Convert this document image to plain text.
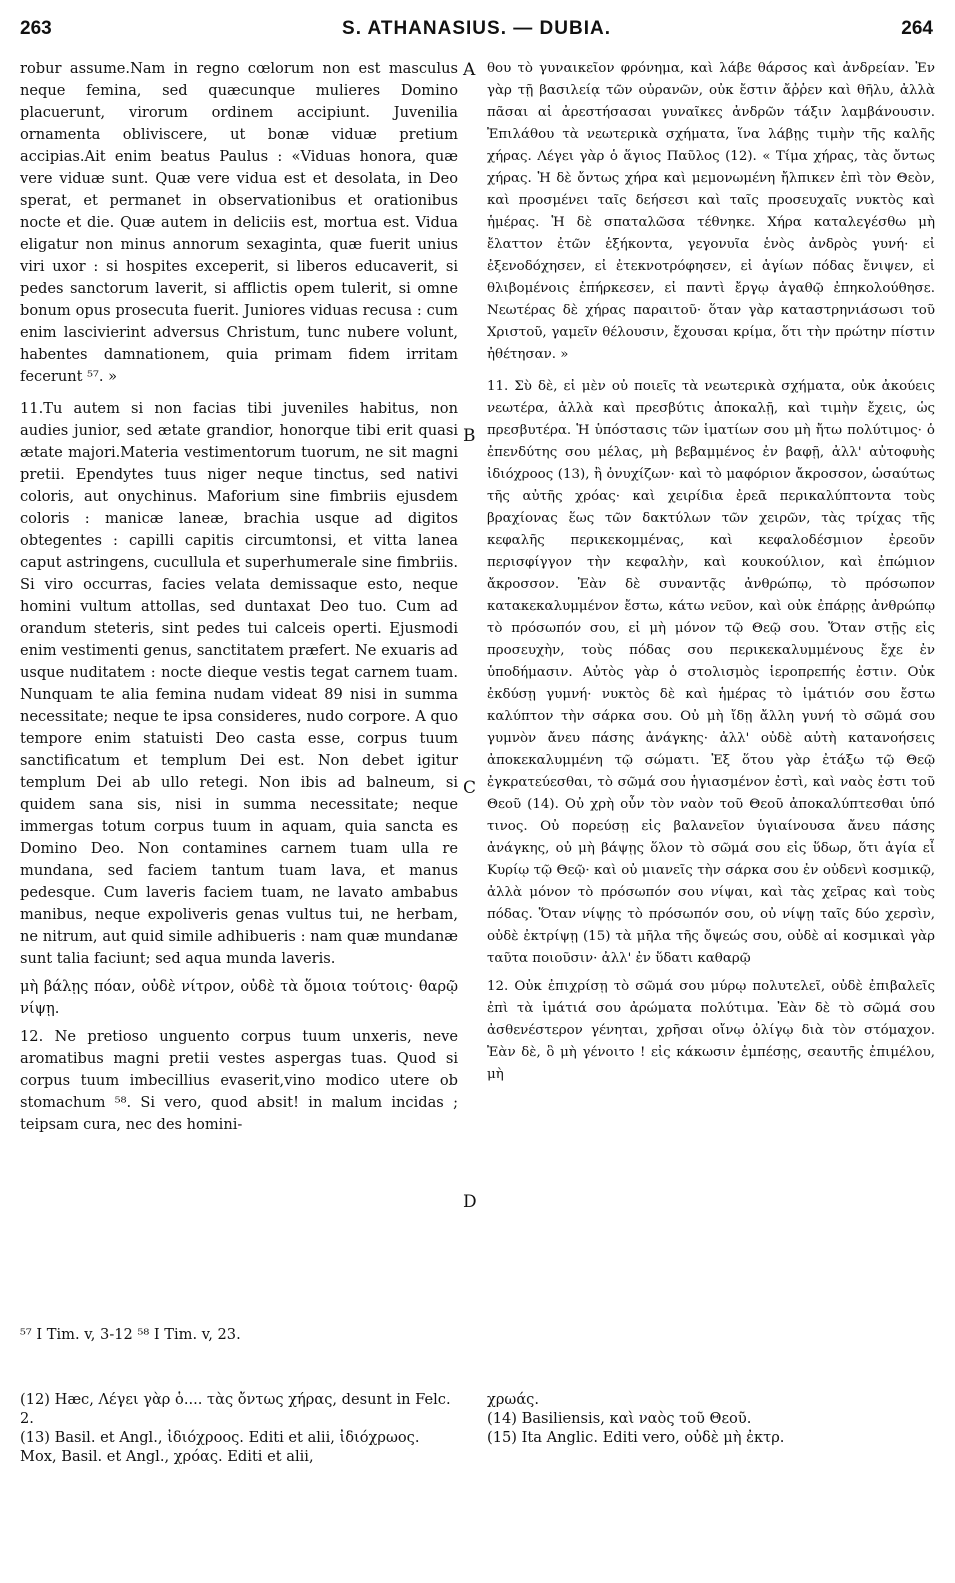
263	S. ATHANASIUS. — DUBIA.	264

robur assume.Nam in regno cœlorum non est masculus neque femina, sed quæcunque mulieres Domino placuerunt, virorum ordinem accipiunt. Juvenilia ornamenta obliviscere, ut bonæ viduæ pretium accipias.Ait enim beatus Paulus : «Viduas honora, quæ vere viduæ sunt. Quæ vere vidua est et desolata, in Deo sperat, et permanet in observationibus et orationibus nocte et die. Quæ autem in deliciis est, mortua est. Vidua eligatur non minus annorum sexaginta, quæ fuerit unius viri uxor : si hospites exceperit, si liberos educaverit, si pedes sanctorum laverit, si afflictis opem tulerit, si omne bonum opus prosecuta fuerit. Juniores viduas recusa : cum enim lascivierint adversus Christum, tunc nubere volunt, habentes damnationem, quia primam fidem irritam fecerunt ⁵⁷. »

11.Tu autem si non facias tibi juveniles habitus, non audies junior, sed ætate grandior, honorque tibi erit quasi ætate majori.Materia vestimentorum tuorum, ne sit magni pretii. Ependytes tuus niger neque tinctus, sed nativi coloris, aut onychinus. Maforium sine fimbriis ejusdem coloris : manicæ laneæ, brachia usque ad digitos obtegentes : capilli capitis circumtonsi, et vitta lanea caput astringens, cucullula et superhumerale sine fimbriis. Si viro occurras, facies velata demissaque esto, neque homini vultum attollas, sed duntaxat Deo tuo. Cum ad orandum steteris, sint pedes tui calceis operti. Ejusmodi enim vestimenti genus, sanctitatem præfert. Ne exuaris ad usque nuditatem : nocte dieque vestis tegat carnem tuam. Nunquam te alia femina nudam videat 89 nisi in summa necessitate; neque te ipsa consideres, nudo corpore. A quo tempore enim statuisti Deo casta esse, corpus tuum sanctificatum et templum Dei est. Non debet igitur templum Dei ab ullo retegi. Non ibis ad balneum, si quidem sana sis, nisi in summa necessitate; neque immergas totum corpus tuum in aquam, quia sancta es Domino Deo. Non contamines carnem tuam ulla re mundana, sed faciem tantum tuam lava, et manus pedesque. Cum laveris faciem tuam, ne lavato ambabus manibus, neque expoliveris genas vultus tui, ne herbam, ne nitrum, aut quid simile adhibueris : nam quæ mundanæ sunt talia faciunt; sed aqua munda laveris.

μὴ βάλῃς πόαν, οὐδὲ νίτρον, οὐδὲ τὰ ὅμοια τούτοις· θαρῷ νίψῃ.

12. Ne pretioso unguento corpus tuum unxeris, neve aromatibus magni pretii vestes aspergas tuas. Quod si corpus tuum imbecillius evaserit,vino modico utere ob stomachum ⁵⁸. Si vero, quod absit! in malum incidas ; teipsam cura, nec des homini-

A
B
C
D

θου τὸ γυναικεῖον φρόνημα, καὶ λάβε θάρσος καὶ ἀνδρείαν. Ἐν γὰρ τῇ βασιλείᾳ τῶν οὐρανῶν, οὐκ ἔστιν ἄῤῥεν καὶ θῆλυ, ἀλλὰ πᾶσαι αἱ ἀρεστήσασαι γυναῖκες ἀνδρῶν τάξιν λαμβάνουσιν. Ἐπιλάθου τὰ νεωτερικὰ σχήματα, ἵνα λάβῃς τιμὴν τῆς καλῆς χήρας. Λέγει γὰρ ὁ ἅγιος Παῦλος (12). « Τίμα χήρας, τὰς ὄντως χήρας. Ἡ δὲ ὄντως χήρα καὶ μεμονωμένη ἤλπικεν ἐπὶ τὸν Θεὸν, καὶ προσμένει ταῖς δεήσεσι καὶ ταῖς προσευχαῖς νυκτὸς καὶ ἡμέρας. Ἡ δὲ σπαταλῶσα τέθνηκε. Χήρα καταλεγέσθω μὴ ἔλαττον ἐτῶν ἑξήκοντα, γεγονυῖα ἑνὸς ἀνδρὸς γυνή· εἰ ἐξενοδόχησεν, εἰ ἐτεκνοτρόφησεν, εἰ ἁγίων πόδας ἔνιψεν, εἰ θλιβομένοις ἐπήρκεσεν, εἰ παντὶ ἔργῳ ἀγαθῷ ἐπηκολούθησε. Νεωτέρας δὲ χήρας παραιτοῦ· ὅταν γὰρ καταστρηνιάσωσι τοῦ Χριστοῦ, γαμεῖν θέλουσιν, ἔχουσαι κρίμα, ὅτι τὴν πρώτην πίστιν ἠθέτησαν. »

11. Σὺ δὲ, εἰ μὲν οὐ ποιεῖς τὰ νεωτερικὰ σχήματα, οὐκ ἀκούεις νεωτέρα, ἀλλὰ καὶ πρεσβύτις ἀποκαλῇ, καὶ τιμὴν ἔχεις, ὡς πρεσβυτέρα. Ἡ ὑπόστασις τῶν ἱματίων σου μὴ ἤτω πολύτιμος· ὁ ἐπενδύτης σου μέλας, μὴ βεβαμμένος ἐν βαφῇ, ἀλλ' αὐτοφυὴς ἰδιόχροος (13), ἢ ὀνυχίζων· καὶ τὸ μαφόριον ἄκροσσον, ὡσαύτως τῆς αὐτῆς χρόας· καὶ χειρίδια ἐρεᾶ περικαλύπτοντα τοὺς βραχίονας ἕως τῶν δακτύλων τῶν χειρῶν, τὰς τρίχας τῆς κεφαλῆς περικεκομμένας, καὶ κεφαλοδέσμιον ἐρεοῦν περισφίγγον τὴν κεφαλὴν, καὶ κουκούλιον, καὶ ἐπώμιον ἄκροσσον. Ἐὰν δὲ συναντᾷς ἀνθρώπῳ, τὸ πρόσωπον κατακεκαλυμμένον ἔστω, κάτω νεῦον, καὶ οὐκ ἐπάρῃς ἀνθρώπῳ τὸ πρόσωπόν σου, εἰ μὴ μόνον τῷ Θεῷ σου. Ὅταν στῇς εἰς προσευχὴν, τοὺς πόδας σου περικεκαλυμμένους ἔχε ἐν ὑποδήμασιν. Αὐτὸς γὰρ ὁ στολισμὸς ἱεροπρεπής ἐστιν. Οὐκ ἐκδύσῃ γυμνή· νυκτὸς δὲ καὶ ἡμέρας τὸ ἱμάτιόν σου ἔστω καλύπτον τὴν σάρκα σου. Οὐ μὴ ἴδῃ ἄλλη γυνή τὸ σῶμά σου γυμνὸν ἄνευ πάσης ἀνάγκης· ἀλλ' οὐδὲ αὐτὴ κατανοήσεις ἀποκεκαλυμμένη τῷ σώματι. Ἐξ ὅτου γὰρ ἐτάξω τῷ Θεῷ ἐγκρατεύεσθαι, τὸ σῶμά σου ἡγιασμένον ἐστὶ, καὶ ναὸς ἐστι τοῦ Θεοῦ (14). Οὐ χρὴ οὖν τὸν ναὸν τοῦ Θεοῦ ἀποκαλύπτεσθαι ὑπό τινος. Οὐ πορεύσῃ εἰς βαλανεῖον ὑγιαίνουσα ἄνευ πάσης ἀνάγκης, οὐ μὴ βάψῃς ὅλον τὸ σῶμά σου εἰς ὕδωρ, ὅτι ἁγία εἶ Κυρίῳ τῷ Θεῷ· καὶ οὐ μιανεῖς τὴν σάρκα σου ἐν οὐδενὶ κοσμικῷ, ἀλλὰ μόνον τὸ πρόσωπόν σου νίψαι, καὶ τὰς χεῖρας καὶ τοὺς πόδας. Ὅταν νίψῃς τὸ πρόσωπόν σου, οὐ νίψῃ ταῖς δύο χερσὶν, οὐδὲ ἐκτρίψῃ (15) τὰ μῆλα τῆς ὄψεώς σου, οὐδὲ αἱ κοσμικαὶ γὰρ ταῦτα ποιοῦσιν· ἀλλ' ἐν ὕδατι καθαρῷ

12. Οὐκ ἐπιχρίσῃ τὸ σῶμά σου μύρῳ πολυτελεῖ, οὐδὲ ἐπιβαλεῖς ἐπὶ τὰ ἱμάτιά σου ἀρώματα πολύτιμα. Ἐὰν δὲ τὸ σῶμά σου ἀσθενέστερον γένηται, χρῆσαι οἴνῳ ὀλίγῳ διὰ τὸν στόμαχον. Ἐὰν δὲ, ὃ μὴ γένοιτο ! εἰς κάκωσιν ἐμπέσῃς, σεαυτῆς ἐπιμέλου, μὴ

⁵⁷ I Tim. v, 3-12 ⁵⁸ I Tim. v, 23.
(12) Hæc, Λέγει γὰρ ὁ.... τὰς ὄντως χήρας, desunt in Felc. 2.
(13) Basil. et Angl., ἰδιόχροος. Editi et alii, ἰδιόχρωος. Mox, Basil. et Angl., χρόας. Editi et alii,
χρωάς.
(14) Basiliensis, καὶ ναὸς τοῦ Θεοῦ.
(15) Ita Anglic. Editi vero, οὐδὲ μὴ ἐκτρ.
